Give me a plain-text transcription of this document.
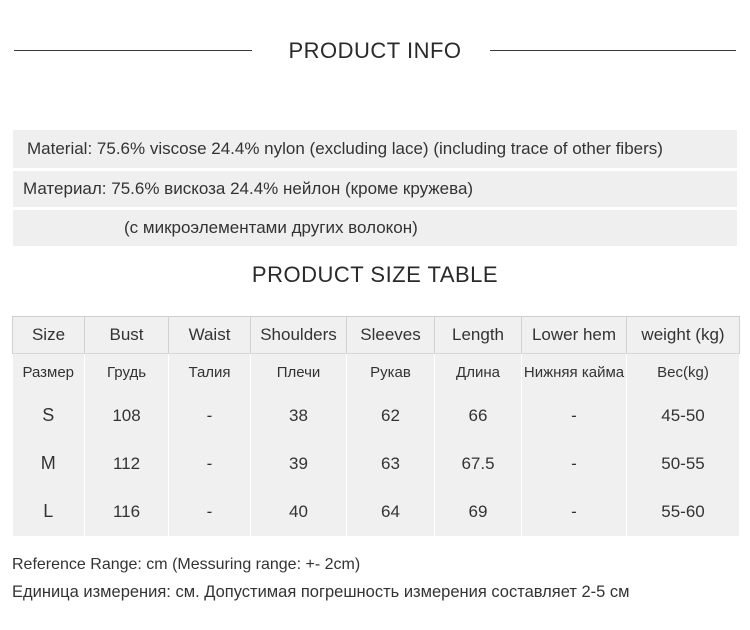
PRODUCT INFO
Material: 75.6% viscose 24.4% nylon (excluding lace) (including trace of other fibers)
Материал: 75.6% вискоза 24.4% нейлон (кроме кружева)
(с микроэлементами других волокон)
PRODUCT SIZE TABLE
Size	Bust	Waist	Shoulders	Sleeves	Length	Lower hem	weight (kg)
Размер	Грудь	Талия	Плечи	Рукав	Длина	Нижняя кайма	Вес(kg)
S	108	-	38	62	66	-	45-50
M	112	-	39	63	67.5	-	50-55
L	116	-	40	64	69	-	55-60
Reference Range: cm (Messuring range: +- 2cm)
Единица измерения: см. Допустимая погрешность измерения составляет 2-5 см
